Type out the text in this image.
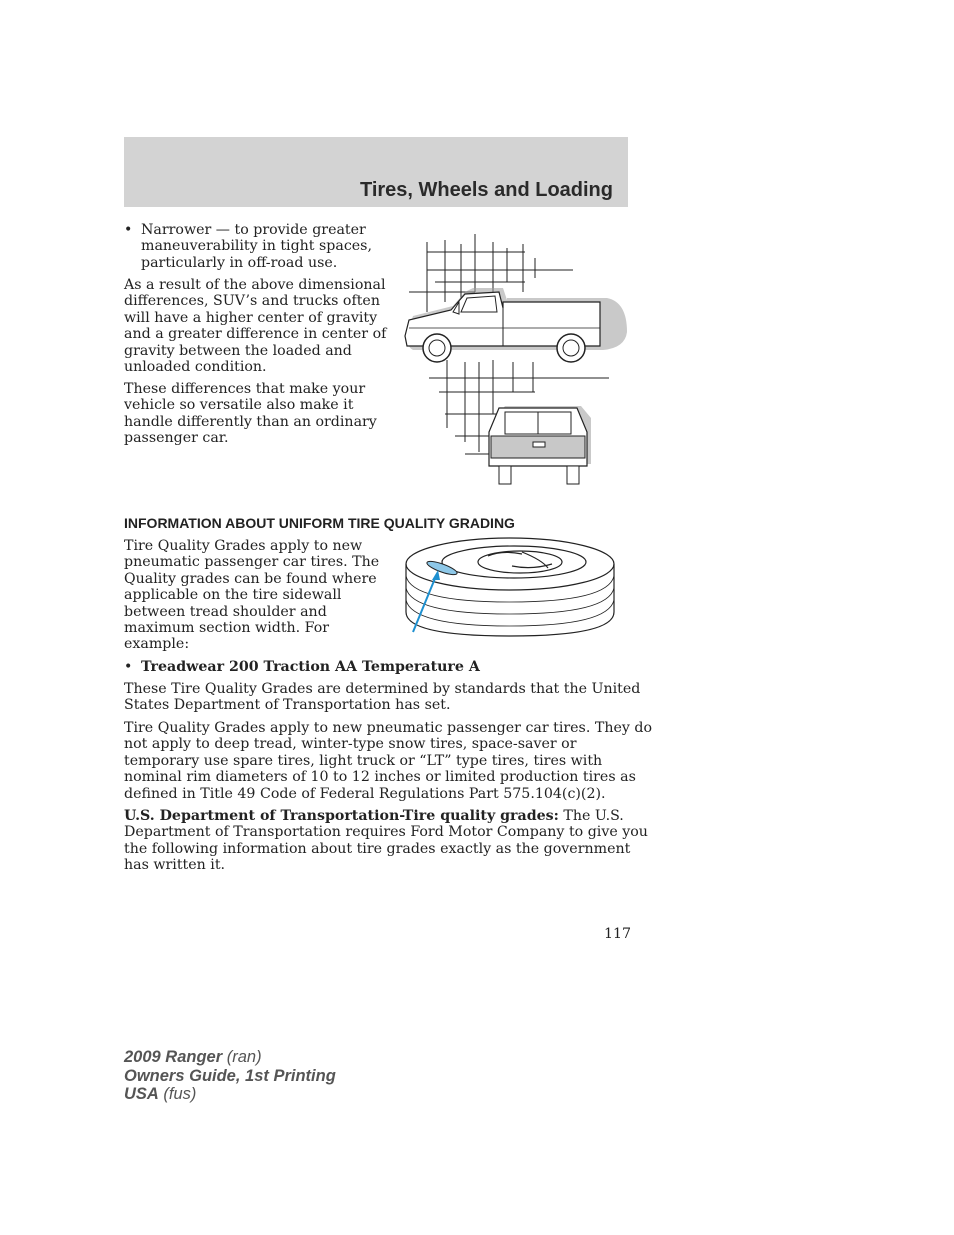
Tires, Wheels and Loading
• Narrower — to provide greater
maneuverability in tight spaces,
particularly in off-road use.
As a result of the above dimensional
differences, SUV’s and trucks often
will have a higher center of gravity
and a greater difference in center of
gravity between the loaded and
unloaded condition.
These differences that make your
vehicle so versatile also make it
handle differently than an ordinary
passenger car.
INFORMATION ABOUT UNIFORM TIRE QUALITY GRADING
Tire Quality Grades apply to new
pneumatic passenger car tires. The
Quality grades can be found where
applicable on the tire sidewall
between tread shoulder and
maximum section width. For
example:
• Treadwear 200 Traction AA Temperature A
These Tire Quality Grades are determined by standards that the United
States Department of Transportation has set.
Tire Quality Grades apply to new pneumatic passenger car tires. They do
not apply to deep tread, winter-type snow tires, space-saver or
temporary use spare tires, light truck or “LT” type tires, tires with
nominal rim diameters of 10 to 12 inches or limited production tires as
defined in Title 49 Code of Federal Regulations Part 575.104(c)(2).
U.S. Department of Transportation-Tire quality grades: The U.S.
Department of Transportation requires Ford Motor Company to give you
the following information about tire grades exactly as the government
has written it.
117
2009 Ranger (ran)
Owners Guide, 1st Printing
USA (fus)
